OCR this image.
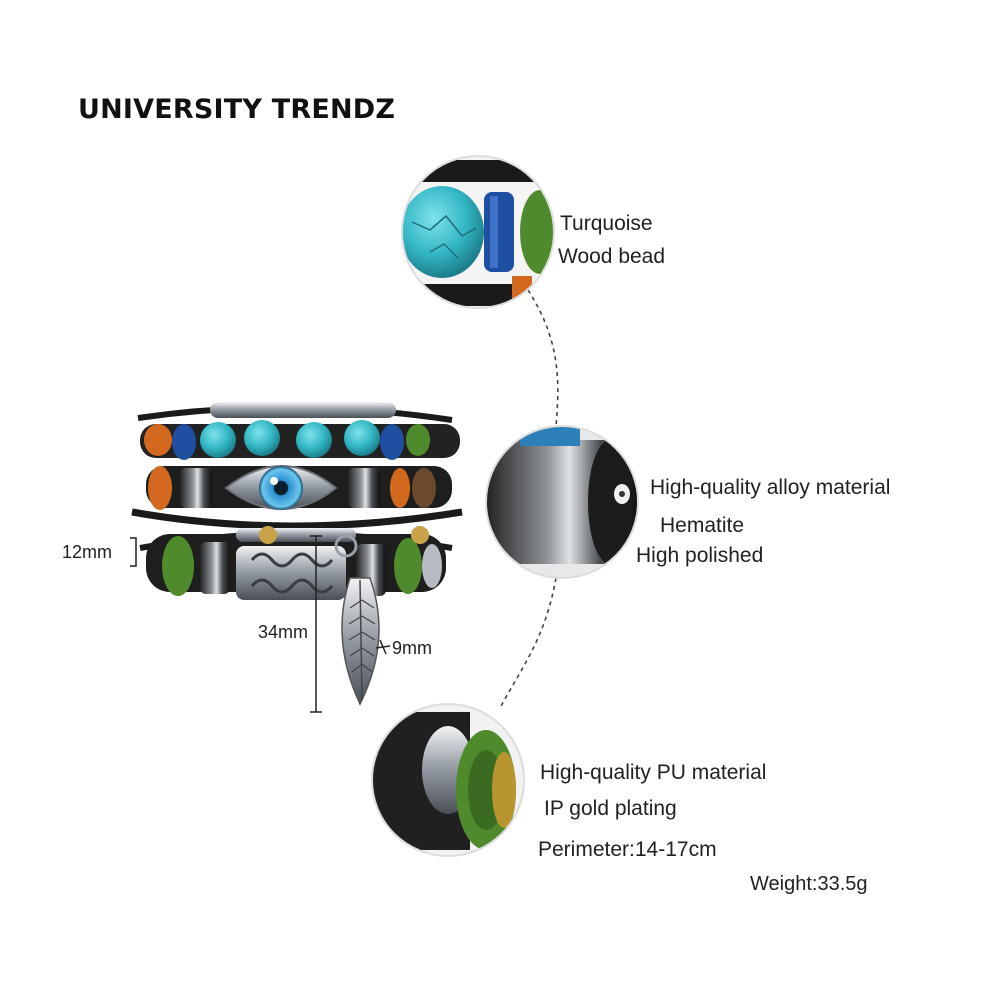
UNIVERSITY TRENDZ
Turquoise
Wood bead
High-quality alloy material
Hematite
High polished
High-quality PU material
IP gold plating
Perimeter:14-17cm
Weight:33.5g
12mm
34mm
9mm
